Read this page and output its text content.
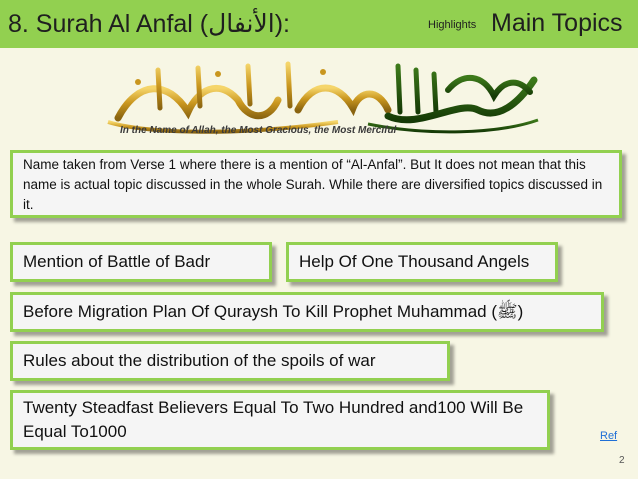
8. Surah Al Anfal (الأنفال):	Highlights Main Topics
In the Name of Allah, the Most Gracious, the Most Merciful
Name taken from Verse 1 where there is a mention of “Al-Anfal”. But It does not mean that this name is actual topic discussed in the whole Surah. While there are diversified topics discussed in it.
Mention of Battle of Badr	Help Of One Thousand Angels
Before Migration Plan Of Quraysh To Kill Prophet Muhammad (ﷺ)
Rules about the distribution of the spoils of war
Twenty Steadfast Believers Equal To Two Hundred and100 Will Be Equal To1000	Ref
2
